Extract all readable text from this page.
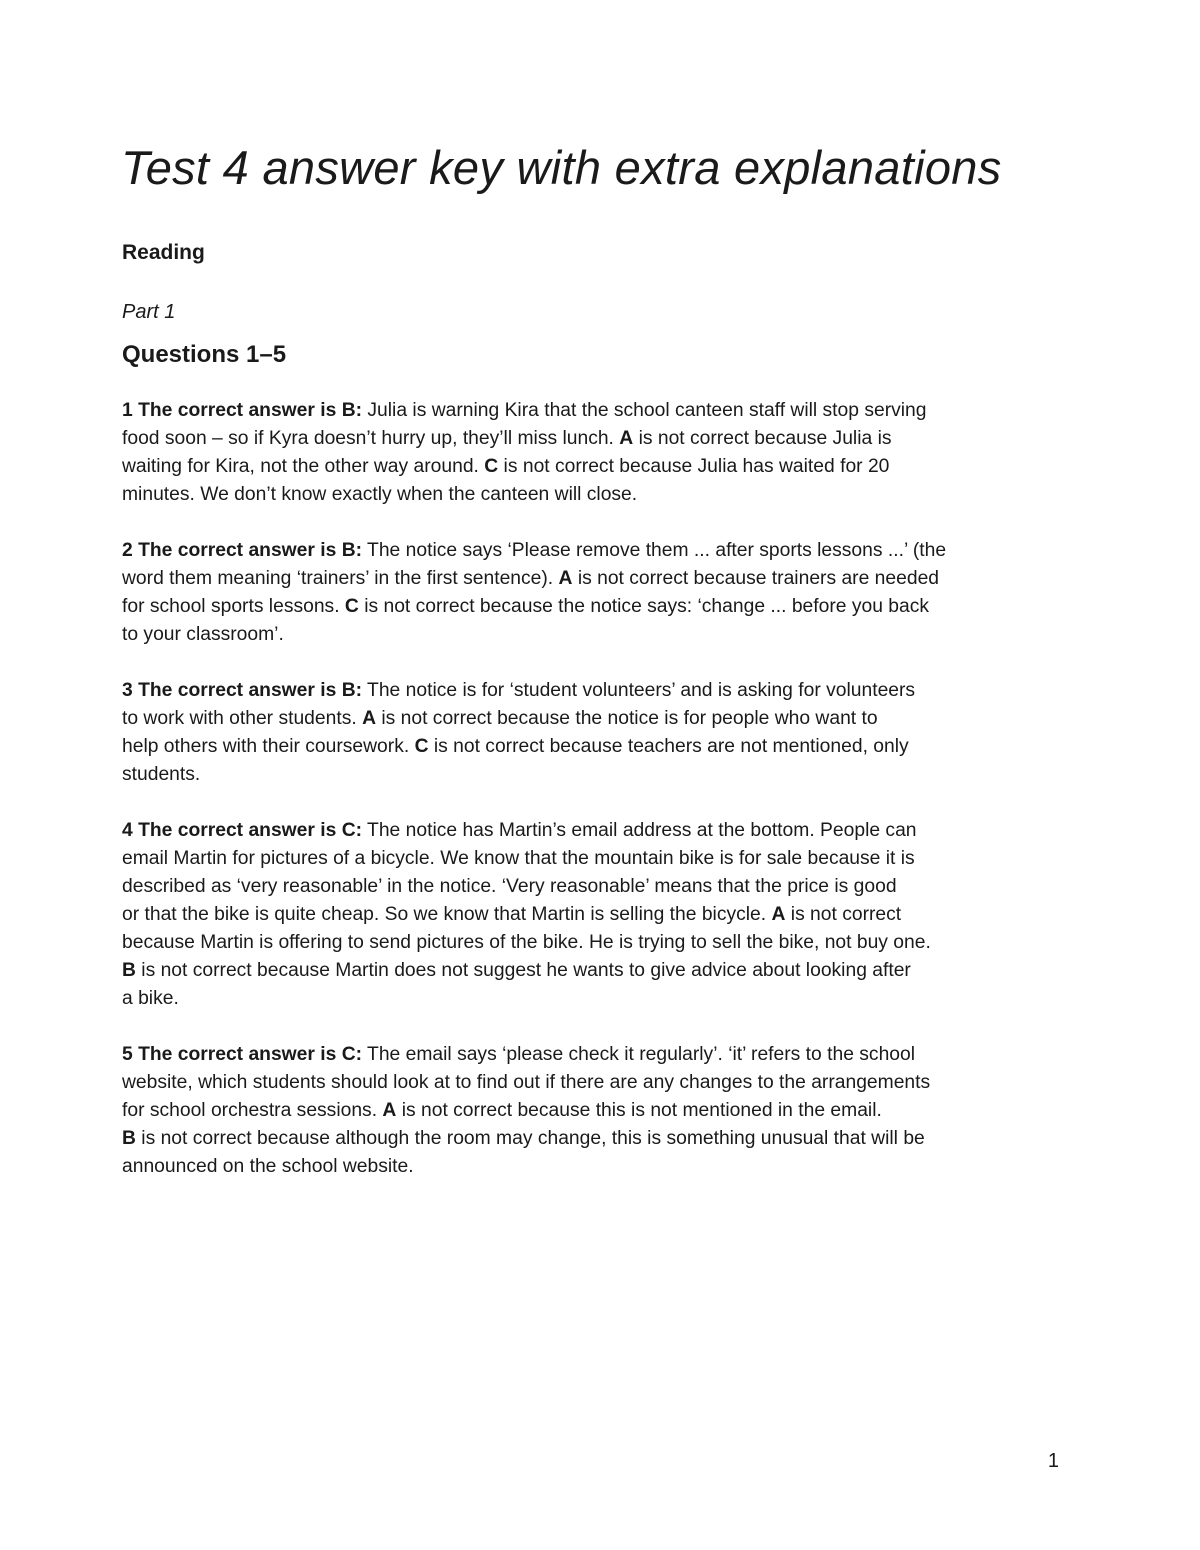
Test 4 answer key with extra explanations
Reading

Part 1

Questions 1–5

1 The correct answer is B: Julia is warning Kira that the school canteen staff will stop serving
food soon – so if Kyra doesn’t hurry up, they’ll miss lunch. A is not correct because Julia is
waiting for Kira, not the other way around. C is not correct because Julia has waited for 20
minutes. We don’t know exactly when the canteen will close.

2 The correct answer is B: The notice says ‘Please remove them ... after sports lessons ...’ (the
word them meaning ‘trainers’ in the first sentence). A is not correct because trainers are needed
for school sports lessons. C is not correct because the notice says: ‘change ... before you back
to your classroom’.

3 The correct answer is B: The notice is for ‘student volunteers’ and is asking for volunteers
to work with other students. A is not correct because the notice is for people who want to
help others with their coursework. C is not correct because teachers are not mentioned, only
students.

4 The correct answer is C: The notice has Martin’s email address at the bottom. People can
email Martin for pictures of a bicycle. We know that the mountain bike is for sale because it is
described as ‘very reasonable’ in the notice. ‘Very reasonable’ means that the price is good
or that the bike is quite cheap. So we know that Martin is selling the bicycle. A is not correct
because Martin is offering to send pictures of the bike. He is trying to sell the bike, not buy one.
B is not correct because Martin does not suggest he wants to give advice about looking after
a bike.

5 The correct answer is C: The email says ‘please check it regularly’. ‘it’ refers to the school
website, which students should look at to find out if there are any changes to the arrangements
for school orchestra sessions. A is not correct because this is not mentioned in the email.
B is not correct because although the room may change, this is something unusual that will be
announced on the school website.

1
